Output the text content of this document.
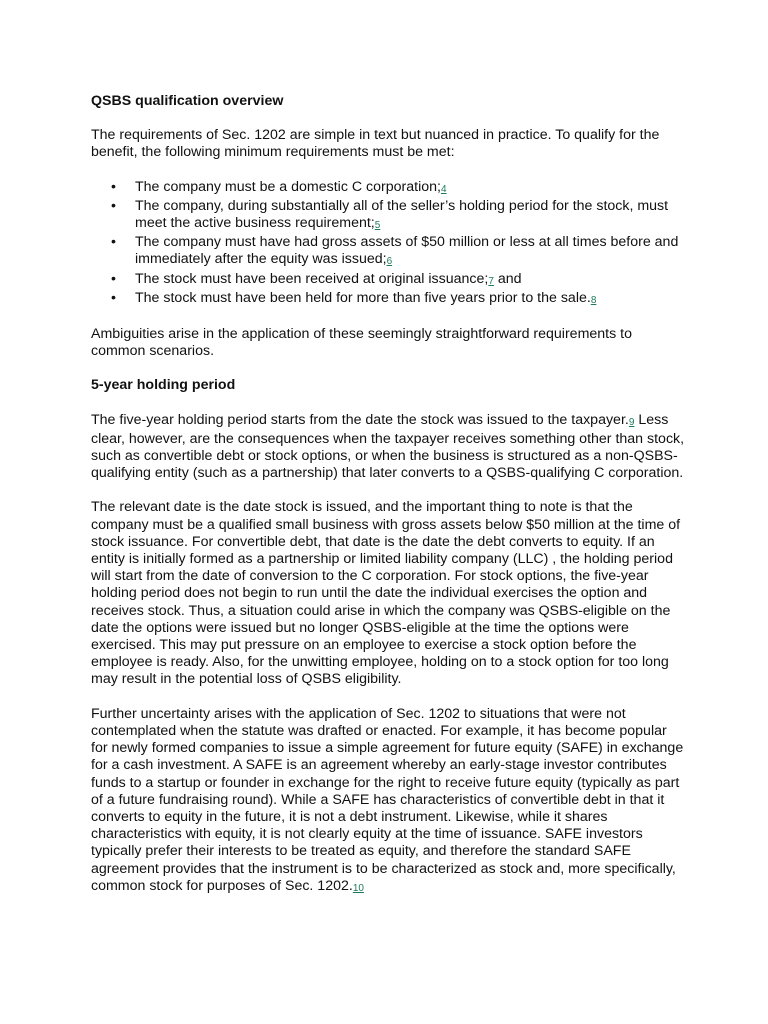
QSBS qualification overview

The requirements of Sec. 1202 are simple in text but nuanced in practice. To qualify for the benefit, the following minimum requirements must be met:

• The company must be a domestic C corporation;4
• The company, during substantially all of the seller’s holding period for the stock, must meet the active business requirement;5
• The company must have had gross assets of $50 million or less at all times before and immediately after the equity was issued;6
• The stock must have been received at original issuance;7 and
• The stock must have been held for more than five years prior to the sale.8

Ambiguities arise in the application of these seemingly straightforward requirements to common scenarios.

5-year holding period

The five-year holding period starts from the date the stock was issued to the taxpayer.9 Less clear, however, are the consequences when the taxpayer receives something other than stock, such as convertible debt or stock options, or when the business is structured as a non-QSBS-qualifying entity (such as a partnership) that later converts to a QSBS-qualifying C corporation.

The relevant date is the date stock is issued, and the important thing to note is that the company must be a qualified small business with gross assets below $50 million at the time of stock issuance. For convertible debt, that date is the date the debt converts to equity. If an entity is initially formed as a partnership or limited liability company (LLC) , the holding period will start from the date of conversion to the C corporation. For stock options, the five-year holding period does not begin to run until the date the individual exercises the option and receives stock. Thus, a situation could arise in which the company was QSBS-eligible on the date the options were issued but no longer QSBS-eligible at the time the options were exercised. This may put pressure on an employee to exercise a stock option before the employee is ready. Also, for the unwitting employee, holding on to a stock option for too long may result in the potential loss of QSBS eligibility.

Further uncertainty arises with the application of Sec. 1202 to situations that were not contemplated when the statute was drafted or enacted. For example, it has become popular for newly formed companies to issue a simple agreement for future equity (SAFE) in exchange for a cash investment. A SAFE is an agreement whereby an early-stage investor contributes funds to a startup or founder in exchange for the right to receive future equity (typically as part of a future fundraising round). While a SAFE has characteristics of convertible debt in that it converts to equity in the future, it is not a debt instrument. Likewise, while it shares characteristics with equity, it is not clearly equity at the time of issuance. SAFE investors typically prefer their interests to be treated as equity, and therefore the standard SAFE agreement provides that the instrument is to be characterized as stock and, more specifically, common stock for purposes of Sec. 1202.10
